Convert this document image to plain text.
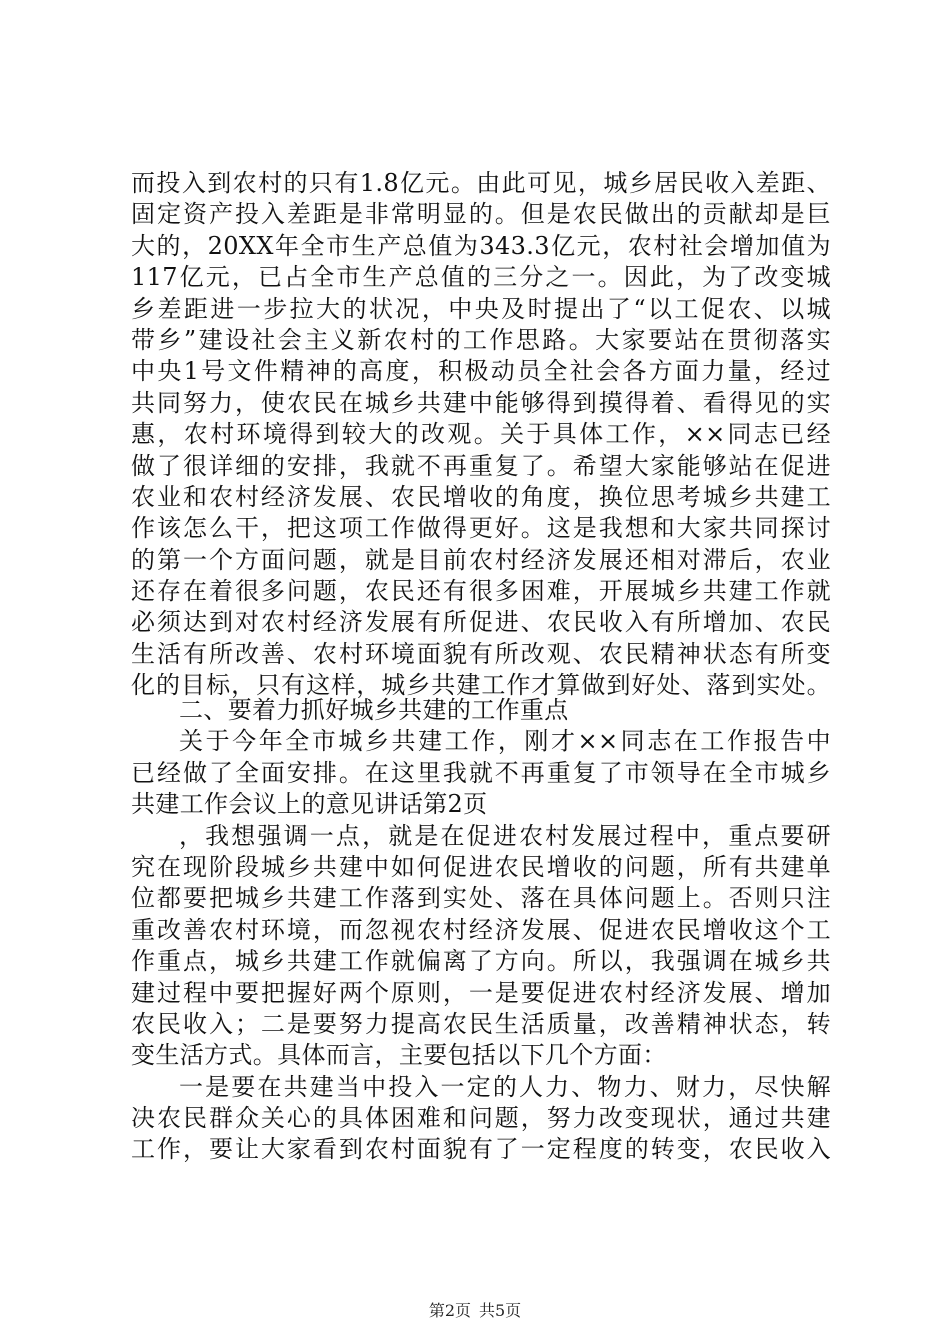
而投入到农村的只有1.8亿元。由此可见，城乡居民收入差距、
固定资产投入差距是非常明显的。但是农民做出的贡献却是巨
大的，20XX年全市生产总值为343.3亿元，农村社会增加值为
117亿元，已占全市生产总值的三分之一。因此，为了改变城
乡差距进一步拉大的状况，中央及时提出了“以工促农、以城
带乡”建设社会主义新农村的工作思路。大家要站在贯彻落实
中央1号文件精神的高度，积极动员全社会各方面力量，经过
共同努力，使农民在城乡共建中能够得到摸得着、看得见的实
惠，农村环境得到较大的改观。关于具体工作，××同志已经
做了很详细的安排，我就不再重复了。希望大家能够站在促进
农业和农村经济发展、农民增收的角度，换位思考城乡共建工
作该怎么干，把这项工作做得更好。这是我想和大家共同探讨
的第一个方面问题，就是目前农村经济发展还相对滞后，农业
还存在着很多问题，农民还有很多困难，开展城乡共建工作就
必须达到对农村经济发展有所促进、农民收入有所增加、农民
生活有所改善、农村环境面貌有所改观、农民精神状态有所变
化的目标，只有这样，城乡共建工作才算做到好处、落到实处。
二、要着力抓好城乡共建的工作重点
关于今年全市城乡共建工作，刚才××同志在工作报告中
已经做了全面安排。在这里我就不再重复了市领导在全市城乡
共建工作会议上的意见讲话第2页
，我想强调一点，就是在促进农村发展过程中，重点要研
究在现阶段城乡共建中如何促进农民增收的问题，所有共建单
位都要把城乡共建工作落到实处、落在具体问题上。否则只注
重改善农村环境，而忽视农村经济发展、促进农民增收这个工
作重点，城乡共建工作就偏离了方向。所以，我强调在城乡共
建过程中要把握好两个原则，一是要促进农村经济发展、增加
农民收入；二是要努力提高农民生活质量，改善精神状态，转
变生活方式。具体而言，主要包括以下几个方面：
一是要在共建当中投入一定的人力、物力、财力，尽快解
决农民群众关心的具体困难和问题，努力改变现状，通过共建
工作，要让大家看到农村面貌有了一定程度的转变，农民收入
第2页 共5页
